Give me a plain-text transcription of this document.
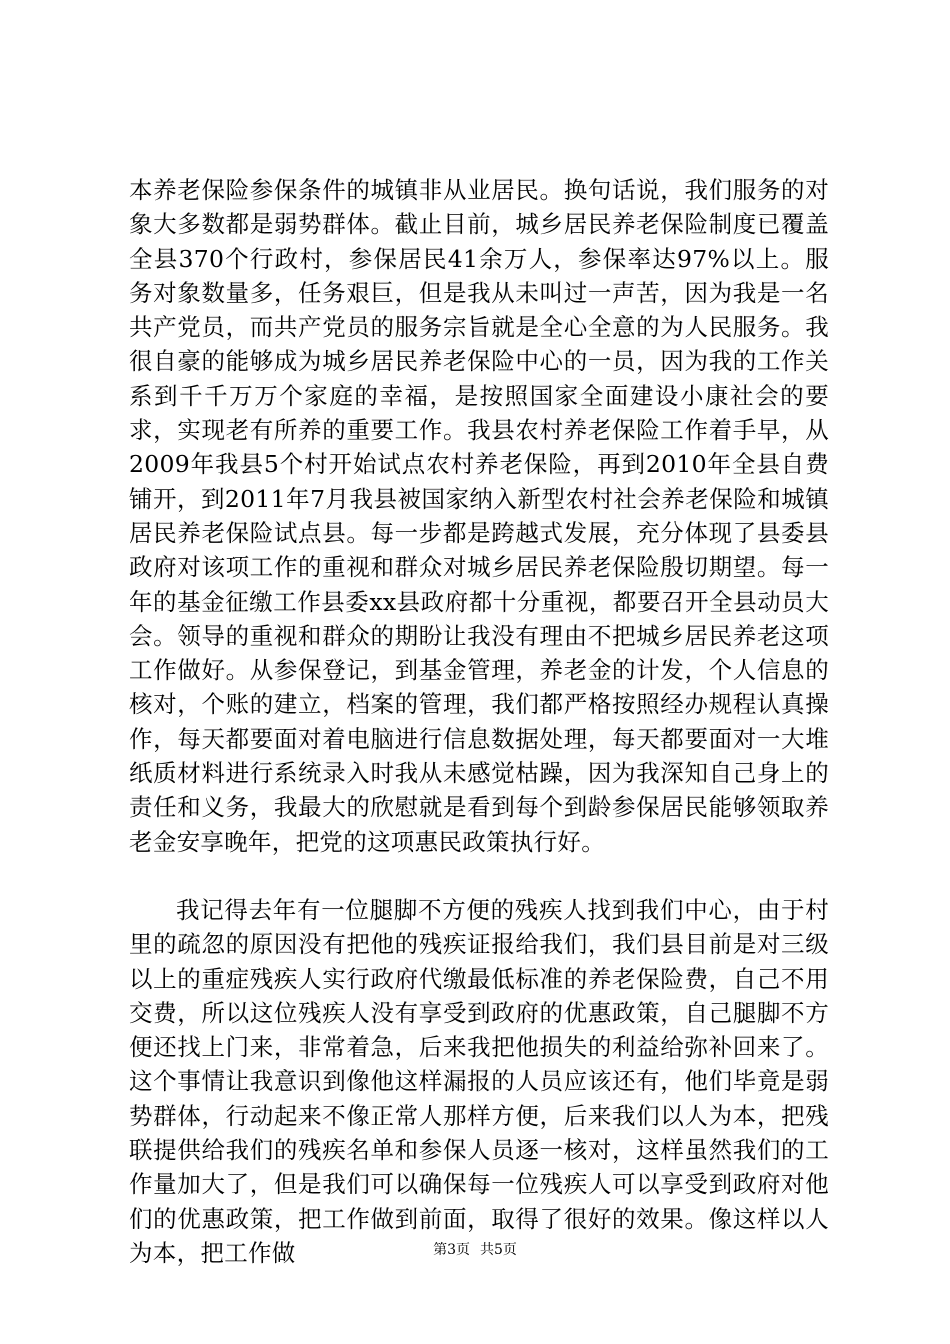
本养老保险参保条件的城镇非从业居民。换句话说，我们服务的对象大多数都是弱势群体。截止目前，城乡居民养老保险制度已覆盖全县370个行政村，参保居民41余万人，参保率达97%以上。服务对象数量多，任务艰巨，但是我从未叫过一声苦，因为我是一名共产党员，而共产党员的服务宗旨就是全心全意的为人民服务。我很自豪的能够成为城乡居民养老保险中心的一员，因为我的工作关系到千千万万个家庭的幸福，是按照国家全面建设小康社会的要求，实现老有所养的重要工作。我县农村养老保险工作着手早，从2009年我县5个村开始试点农村养老保险，再到2010年全县自费铺开，到2011年7月我县被国家纳入新型农村社会养老保险和城镇居民养老保险试点县。每一步都是跨越式发展，充分体现了县委县政府对该项工作的重视和群众对城乡居民养老保险殷切期望。每一年的基金征缴工作县委xx县政府都十分重视，都要召开全县动员大会。领导的重视和群众的期盼让我没有理由不把城乡居民养老这项工作做好。从参保登记，到基金管理，养老金的计发，个人信息的核对，个账的建立，档案的管理，我们都严格按照经办规程认真操作，每天都要面对着电脑进行信息数据处理，每天都要面对一大堆纸质材料进行系统录入时我从未感觉枯躁，因为我深知自己身上的责任和义务，我最大的欣慰就是看到每个到龄参保居民能够领取养老金安享晚年，把党的这项惠民政策执行好。

我记得去年有一位腿脚不方便的残疾人找到我们中心，由于村里的疏忽的原因没有把他的残疾证报给我们，我们县目前是对三级以上的重症残疾人实行政府代缴最低标准的养老保险费，自己不用交费，所以这位残疾人没有享受到政府的优惠政策，自己腿脚不方便还找上门来，非常着急，后来我把他损失的利益给弥补回来了。这个事情让我意识到像他这样漏报的人员应该还有，他们毕竟是弱势群体，行动起来不像正常人那样方便，后来我们以人为本，把残联提供给我们的残疾名单和参保人员逐一核对，这样虽然我们的工作量加大了，但是我们可以确保每一位残疾人可以享受到政府对他们的优惠政策，把工作做到前面，取得了很好的效果。像这样以人为本，把工作做	第3页 共5页
